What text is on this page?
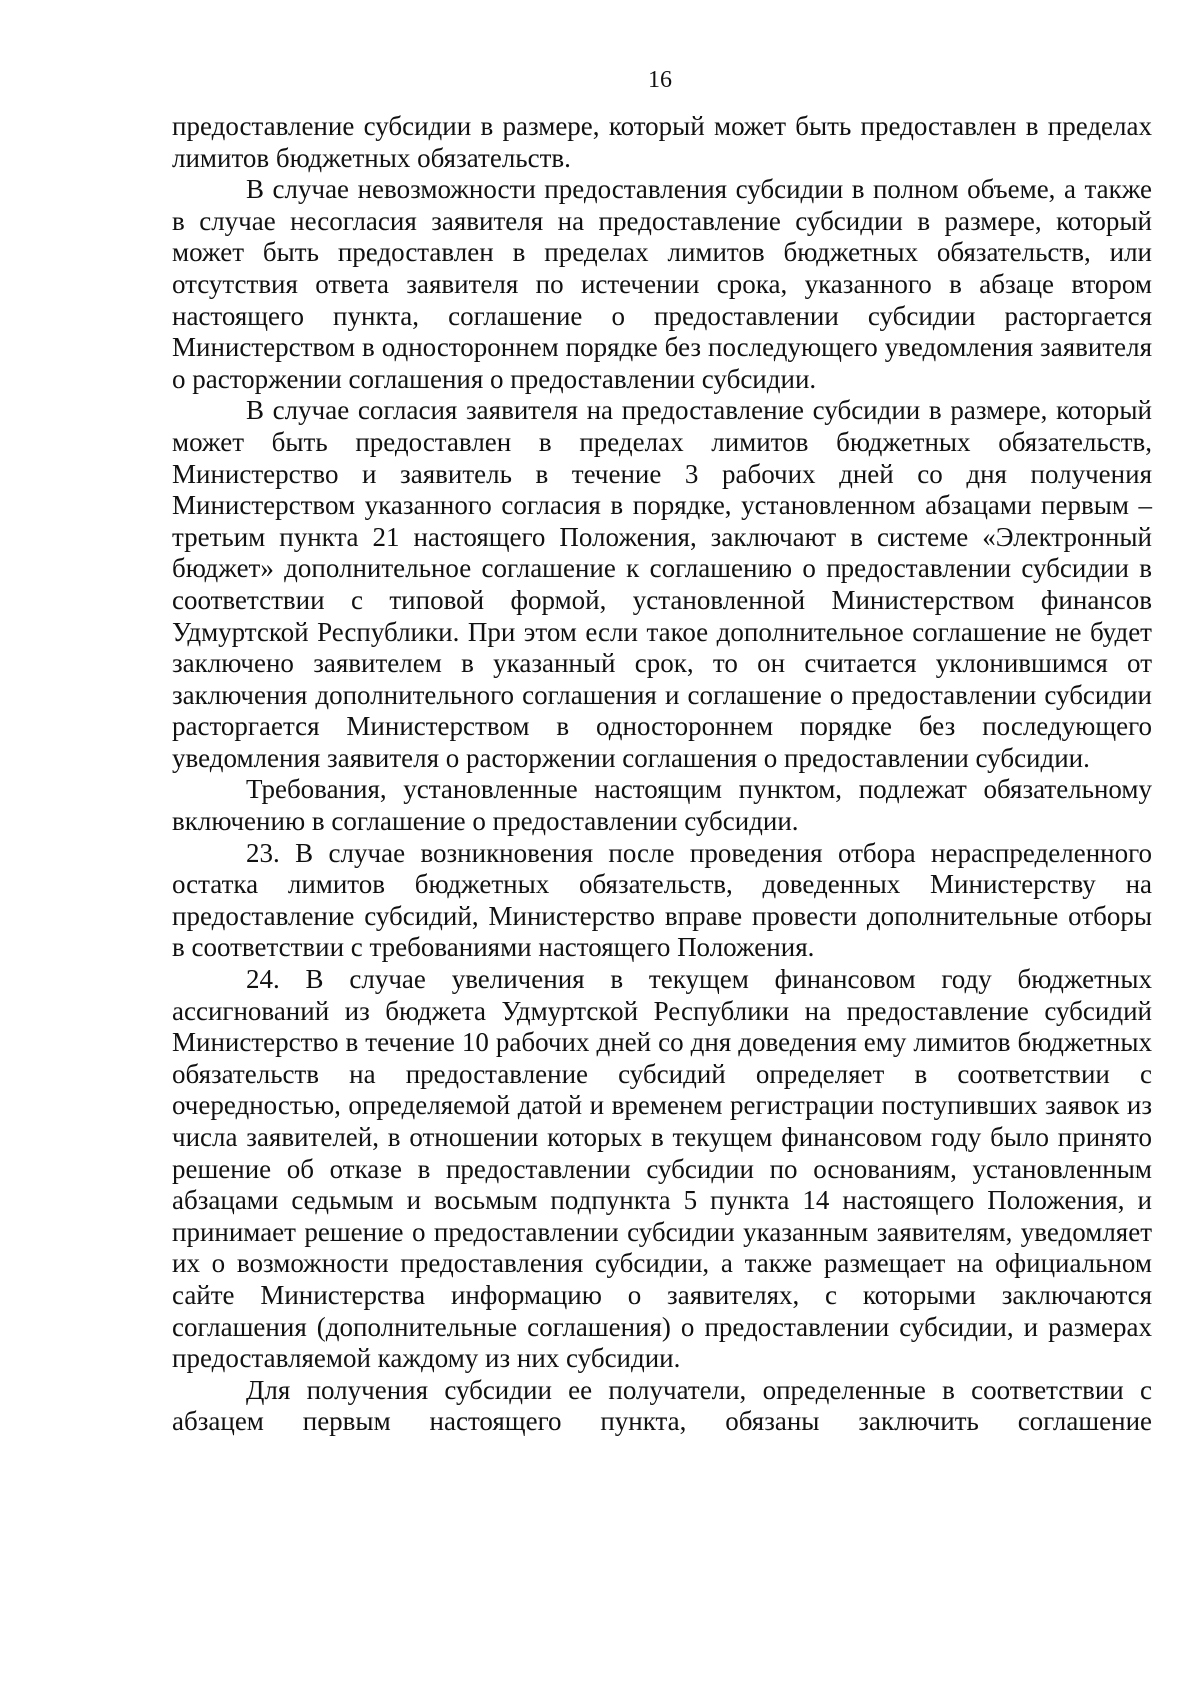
16

предоставление субсидии в размере, который может быть предоставлен в пределах лимитов бюджетных обязательств.

В случае невозможности предоставления субсидии в полном объеме, а также в случае несогласия заявителя на предоставление субсидии в размере, который может быть предоставлен в пределах лимитов бюджетных обязательств, или отсутствия ответа заявителя по истечении срока, указанного в абзаце втором настоящего пункта, соглашение о предоставлении субсидии расторгается Министерством в одностороннем порядке без последующего уведомления заявителя о расторжении соглашения о предоставлении субсидии.

В случае согласия заявителя на предоставление субсидии в размере, который может быть предоставлен в пределах лимитов бюджетных обязательств, Министерство и заявитель в течение 3 рабочих дней со дня получения Министерством указанного согласия в порядке, установленном абзацами первым – третьим пункта 21 настоящего Положения, заключают в системе «Электронный бюджет» дополнительное соглашение к соглашению о предоставлении субсидии в соответствии с типовой формой, установленной Министерством финансов Удмуртской Республики. При этом если такое дополнительное соглашение не будет заключено заявителем в указанный срок, то он считается уклонившимся от заключения дополнительного соглашения и соглашение о предоставлении субсидии расторгается Министерством в одностороннем порядке без последующего уведомления заявителя о расторжении соглашения о предоставлении субсидии.

Требования, установленные настоящим пунктом, подлежат обязательному включению в соглашение о предоставлении субсидии.

23. В случае возникновения после проведения отбора нераспределенного остатка лимитов бюджетных обязательств, доведенных Министерству на предоставление субсидий, Министерство вправе провести дополнительные отборы в соответствии с требованиями настоящего Положения.

24. В случае увеличения в текущем финансовом году бюджетных ассигнований из бюджета Удмуртской Республики на предоставление субсидий Министерство в течение 10 рабочих дней со дня доведения ему лимитов бюджетных обязательств на предоставление субсидий определяет в соответствии с очередностью, определяемой датой и временем регистрации поступивших заявок из числа заявителей, в отношении которых в текущем финансовом году было принято решение об отказе в предоставлении субсидии по основаниям, установленным абзацами седьмым и восьмым подпункта 5 пункта 14 настоящего Положения, и принимает решение о предоставлении субсидии указанным заявителям, уведомляет их о возможности предоставления субсидии, а также размещает на официальном сайте Министерства информацию о заявителях, с которыми заключаются соглашения (дополнительные соглашения) о предоставлении субсидии, и размерах предоставляемой каждому из них субсидии.

Для получения субсидии ее получатели, определенные в соответствии с абзацем первым настоящего пункта, обязаны заключить соглашение
